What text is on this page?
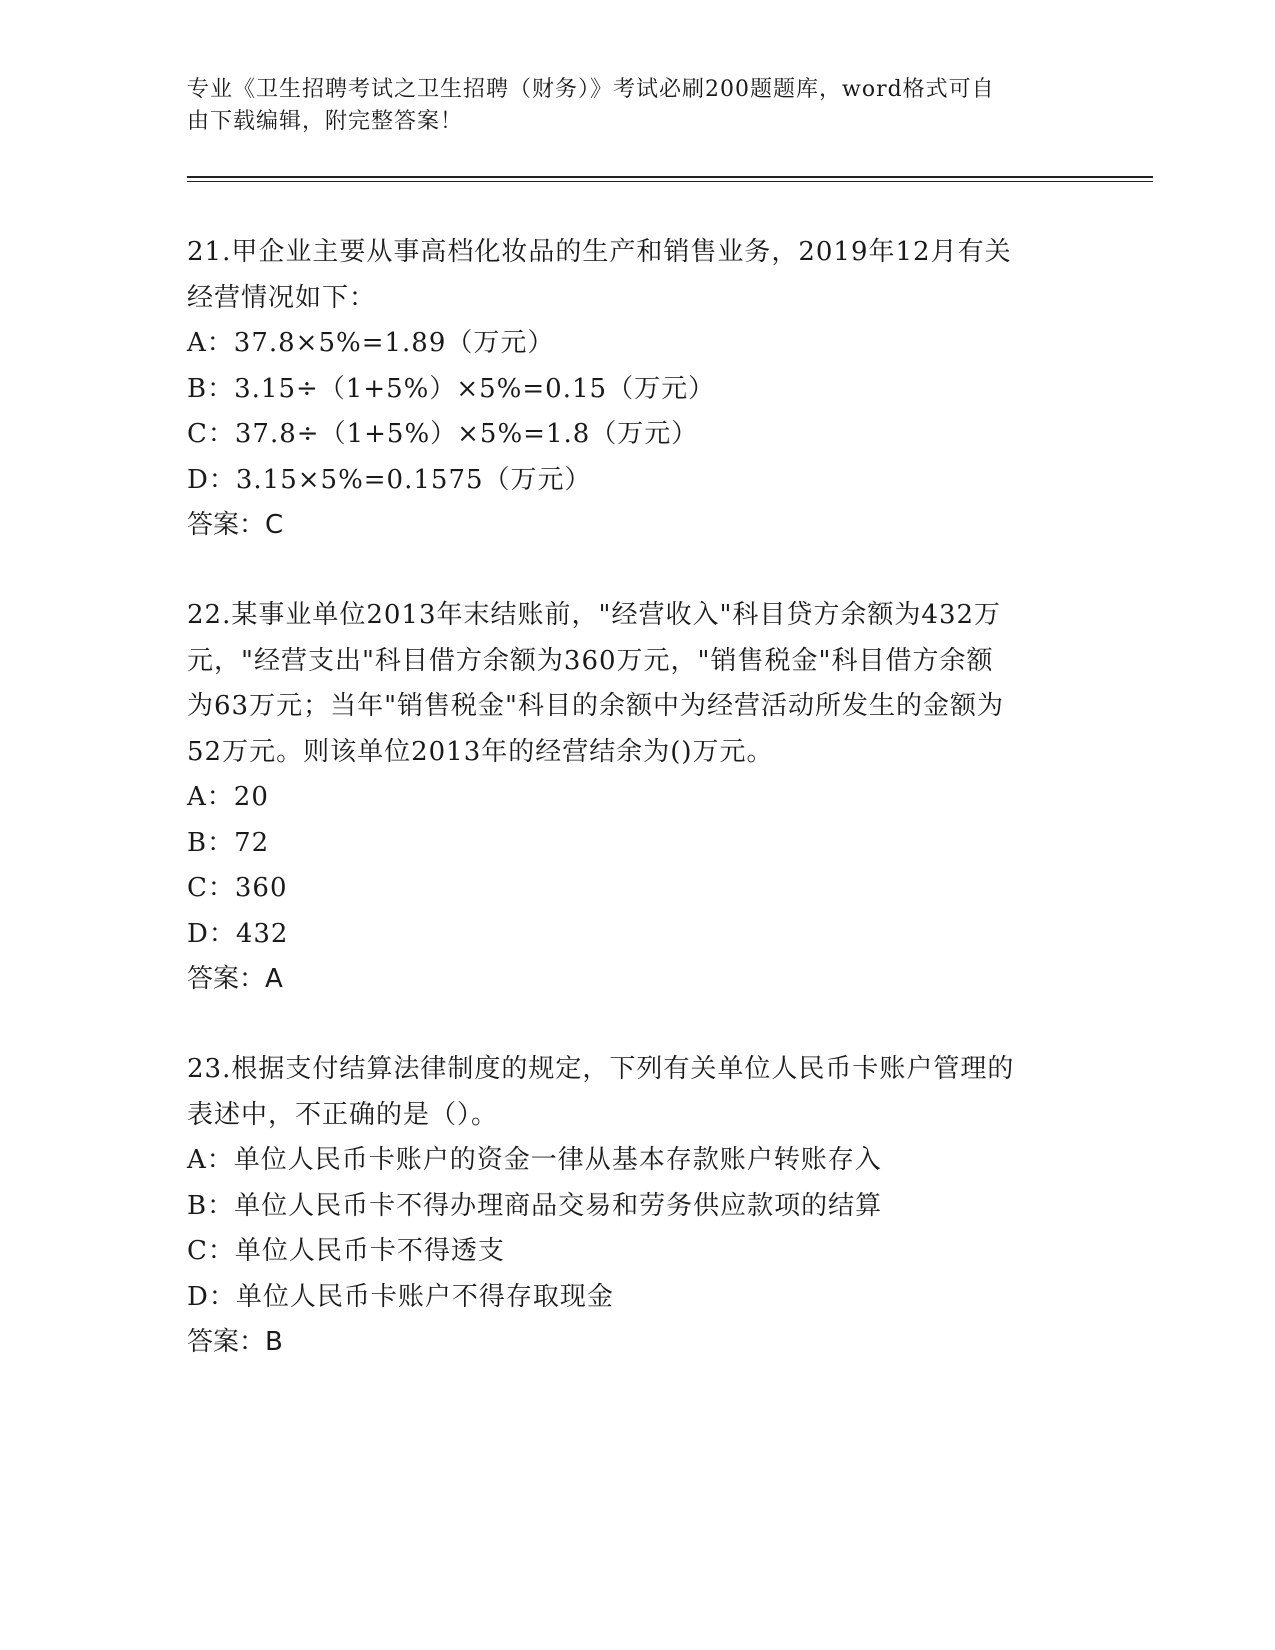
专业《卫生招聘考试之卫生招聘（财务）》考试必刷200题题库，word格式可自
由下载编辑，附完整答案！
21.甲企业主要从事高档化妆品的生产和销售业务，2019年12月有关
经营情况如下：
A：37.8×5%=1.89（万元）
B：3.15÷（1+5%）×5%=0.15（万元）
C：37.8÷（1+5%）×5%=1.8（万元）
D：3.15×5%=0.1575（万元）
答案：C
22.某事业单位2013年末结账前，"经营收入"科目贷方余额为432万
元，"经营支出"科目借方余额为360万元，"销售税金"科目借方余额
为63万元；当年"销售税金"科目的余额中为经营活动所发生的金额为
52万元。则该单位2013年的经营结余为()万元。
A：20
B：72
C：360
D：432
答案：A
23.根据支付结算法律制度的规定，下列有关单位人民币卡账户管理的
表述中，不正确的是（）。
A：单位人民币卡账户的资金一律从基本存款账户转账存入
B：单位人民币卡不得办理商品交易和劳务供应款项的结算
C：单位人民币卡不得透支
D：单位人民币卡账户不得存取现金
答案：B
